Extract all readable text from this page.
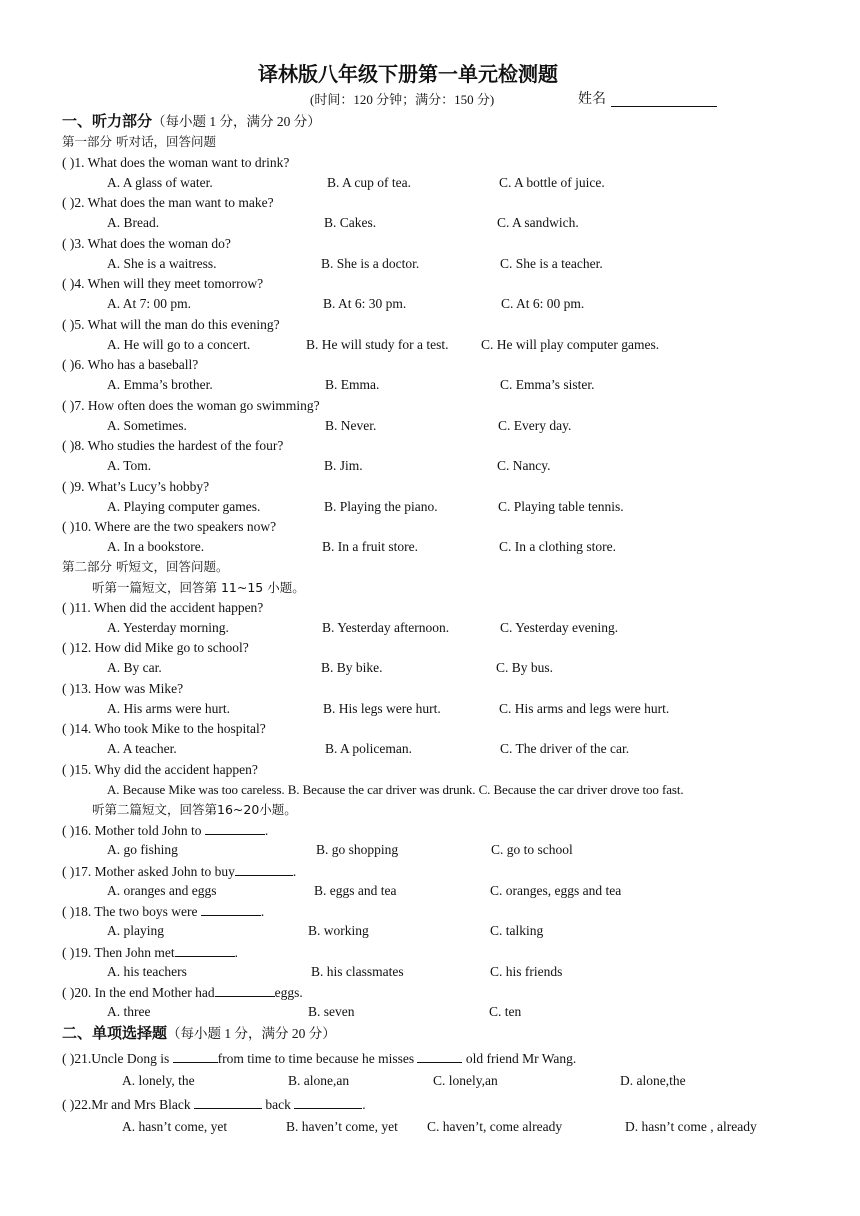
译林版八年级下册第一单元检测题
(时间：120 分钟；满分：150 分)	姓名
一、听力部分（每小题 1 分，满分 20 分）
第一部分 听对话，回答问题
( )1. What does the woman want to drink?
A. A glass of water.	B. A cup of tea.	C. A bottle of juice.
( )2. What does the man want to make?
A. Bread.	B. Cakes.	C. A sandwich.
( )3. What does the woman do?
A. She is a waitress.	B. She is a doctor.	C. She is a teacher.
( )4. When will they meet tomorrow?
A. At 7: 00 pm.	B. At 6: 30 pm.	C. At 6: 00 pm.
( )5. What will the man do this evening?
A. He will go to a concert.	B. He will study for a test. C. He will play computer games.
( )6. Who has a baseball?
A. Emma’s brother.	B. Emma.	C. Emma’s sister.
( )7. How often does the woman go swimming?
A. Sometimes.	B. Never.	C. Every day.
( )8. Who studies the hardest of the four?
A. Tom.	B. Jim.	C. Nancy.
( )9. What’s Lucy’s hobby?
A. Playing computer games.	B. Playing the piano.	C. Playing table tennis.
( )10. Where are the two speakers now?
A. In a bookstore.	B. In a fruit store.	C. In a clothing store.
第二部分 听短文，回答问题。
听第一篇短文，回答第 11~15 小题。
( )11. When did the accident happen?
A. Yesterday morning.	B. Yesterday afternoon.	C. Yesterday evening.
( )12. How did Mike go to school?
A. By car.	B. By bike.	C. By bus.
( )13. How was Mike?
A. His arms were hurt.	B. His legs were hurt.	C. His arms and legs were hurt.
( )14. Who took Mike to the hospital?
A. A teacher.	B. A policeman.	C. The driver of the car.
( )15. Why did the accident happen?
A. Because Mike was too careless. B. Because the car driver was drunk. C. Because the car driver drove too fast.
听第二篇短文，回答第16~20小题。
( )16. Mother told John to	.
A. go fishing	B. go shopping	C. go to school
( )17. Mother asked John to buy	.
A. oranges and eggs	B. eggs and tea	C. oranges, eggs and tea
( )18. The two boys were	.
A. playing	B. working	C. talking
( )19. Then John met	.
A. his teachers	B. his classmates	C. his friends
( )20. In the end Mother had	eggs.
A. three	B. seven	C. ten
二、单项选择题（每小题 1 分，满分 20 分）
( )21.Uncle Dong is	from time to time because he misses	old friend Mr Wang.
A. lonely, the	B. alone,an	C. lonely,an	D. alone,the
( )22.Mr and Mrs Black	back	.
A. hasn’t come, yet	B. haven’t come, yet C. haven’t, come already	D. hasn’t come , already
